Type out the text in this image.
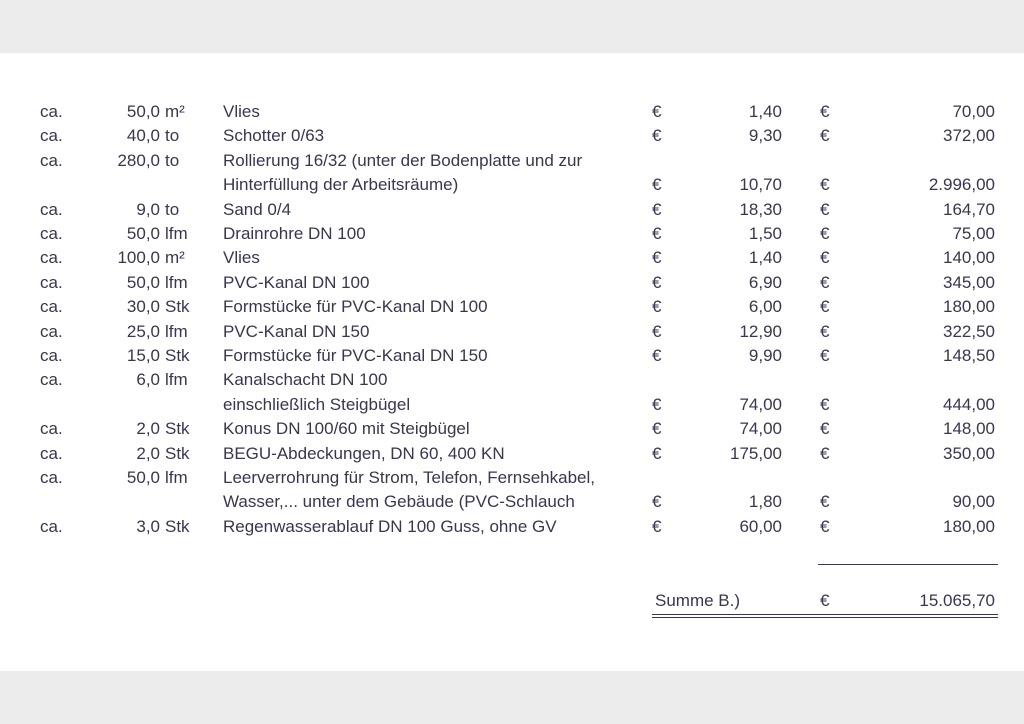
ca.	50,0 m² Vlies	€	1,40 €	70,00
ca.	40,0 to	Schotter 0/63	€	9,30 €	372,00
ca.	280,0 to	Rollierung 16/32 (unter der Bodenplatte und zur
Hinterfüllung der Arbeitsräume)	€	10,70 €	2.996,00
ca.	9,0 to	Sand 0/4	€	18,30 €	164,70
ca.	50,0 lfm Drainrohre DN 100	€	1,50 €	75,00
ca.	100,0 m² Vlies	€	1,40 €	140,00
ca.	50,0 lfm PVC-Kanal DN 100	€	6,90 €	345,00
ca.	30,0 Stk Formstücke für PVC-Kanal DN 100	€	6,00 €	180,00
ca.	25,0 lfm PVC-Kanal DN 150	€	12,90 €	322,50
ca.	15,0 Stk Formstücke für PVC-Kanal DN 150	€	9,90 €	148,50
ca.	6,0 lfm Kanalschacht DN 100
einschließlich Steigbügel	€	74,00 €	444,00
ca.	2,0 Stk Konus DN 100/60 mit Steigbügel	€	74,00 €	148,00
ca.	2,0 Stk BEGU-Abdeckungen, DN 60, 400 KN	€	175,00 €	350,00
ca.	50,0 lfm Leerverrohrung für Strom, Telefon, Fernsehkabel,
Wasser,... unter dem Gebäude (PVC-Schlauch	€	1,80 €	90,00
ca.	3,0 Stk Regenwasserablauf DN 100 Guss, ohne GV	€	60,00 €	180,00
Summe B.)	€	15.065,70
